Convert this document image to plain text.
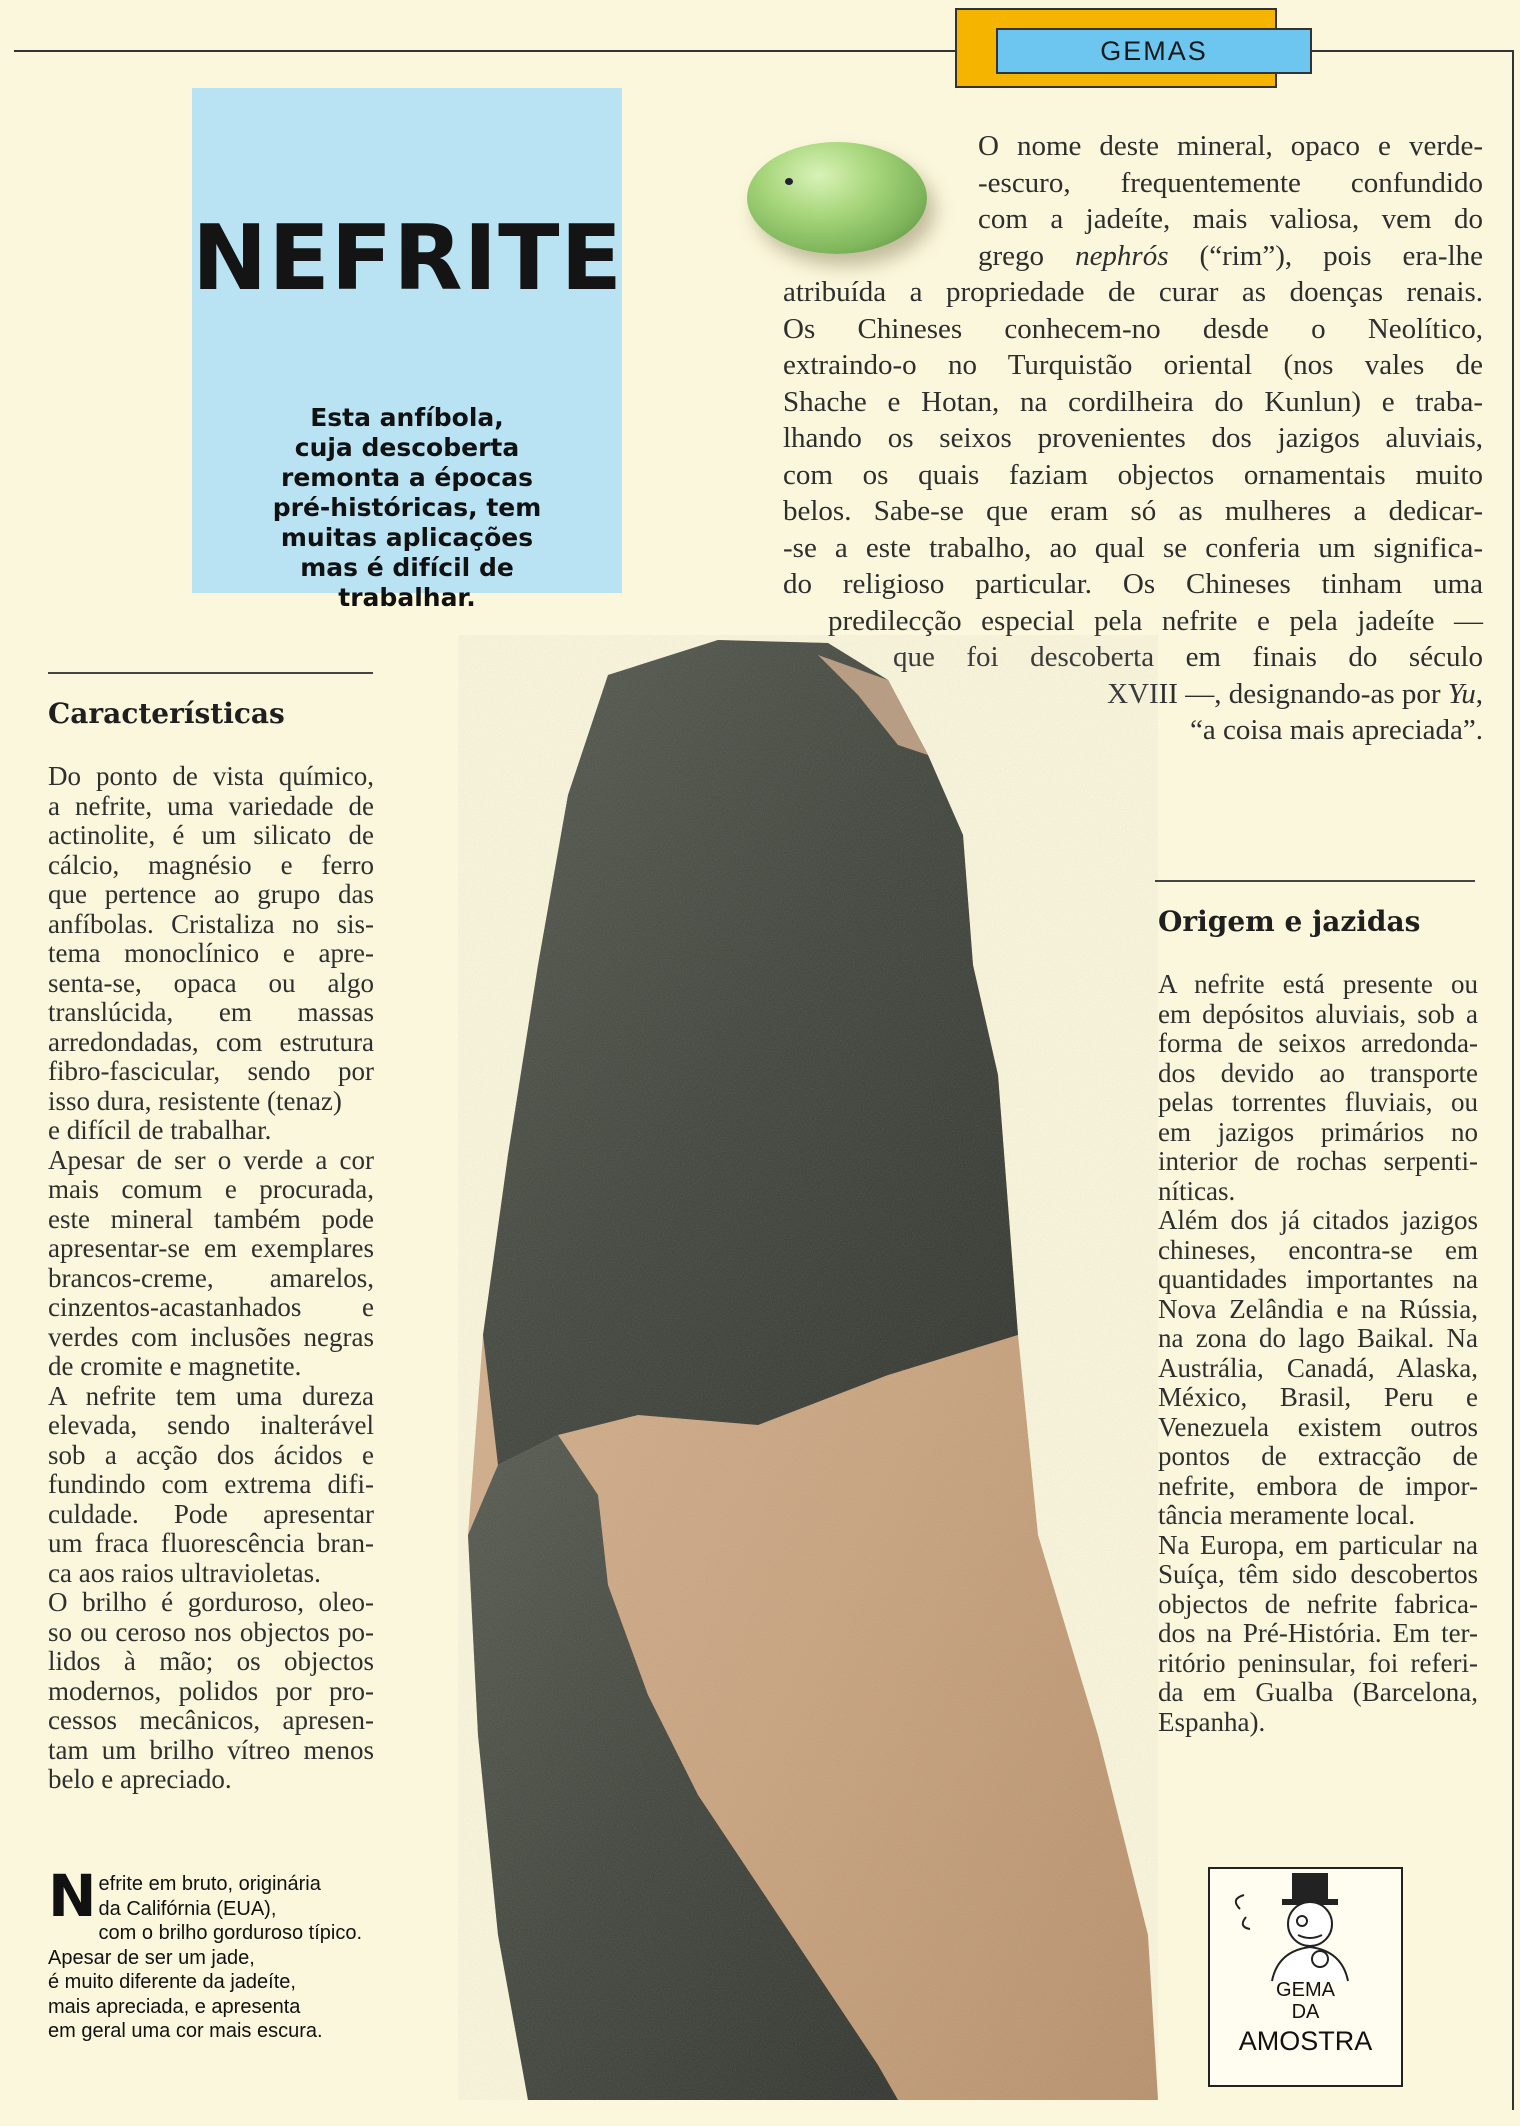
GEMAS
NEFRITE
Esta anfíbola,
cuja descoberta
remonta a épocas
pré-históricas, tem
muitas aplicações
mas é difícil de
trabalhar.
O nome deste mineral, opaco e verde-
-escuro, frequentemente confundido
com a jadeíte, mais valiosa, vem do
grego nephrós (“rim”), pois era-lhe
atribuída a propriedade de curar as doenças renais.
Os Chineses conhecem-no desde o Neolítico,
extraindo-o no Turquistão oriental (nos vales de
Shache e Hotan, na cordilheira do Kunlun) e traba-
lhando os seixos provenientes dos jazigos aluviais,
com os quais faziam objectos ornamentais muito
belos. Sabe-se que eram só as mulheres a dedicar-
-se a este trabalho, ao qual se conferia um significa-
do religioso particular. Os Chineses tinham uma
predilecção especial pela nefrite e pela jadeíte —
que foi descoberta em finais do século
XVIII —, designando-as por Yu,
“a coisa mais apreciada”.
Características
Do ponto de vista químico,
a nefrite, uma variedade de
actinolite, é um silicato de
cálcio, magnésio e ferro
que pertence ao grupo das
anfíbolas. Cristaliza no sis-
tema monoclínico e apre-
senta-se, opaca ou algo
translúcida, em massas
arredondadas, com estrutura
fibro-fascicular, sendo por
isso dura, resistente (tenaz)
e difícil de trabalhar.
Apesar de ser o verde a cor
mais comum e procurada,
este mineral também pode
apresentar-se em exemplares
brancos-creme, amarelos,
cinzentos-acastanhados e
verdes com inclusões negras
de cromite e magnetite.
A nefrite tem uma dureza
elevada, sendo inalterável
sob a acção dos ácidos e
fundindo com extrema difi-
culdade. Pode apresentar
um fraca fluorescência bran-
ca aos raios ultravioletas.
O brilho é gorduroso, oleo-
so ou ceroso nos objectos po-
lidos à mão; os objectos
modernos, polidos por pro-
cessos mecânicos, apresen-
tam um brilho vítreo menos
belo e apreciado.
Origem e jazidas
A nefrite está presente ou
em depósitos aluviais, sob a
forma de seixos arredonda-
dos devido ao transporte
pelas torrentes fluviais, ou
em jazigos primários no
interior de rochas serpenti-
níticas.
Além dos já citados jazigos
chineses, encontra-se em
quantidades importantes na
Nova Zelândia e na Rússia,
na zona do lago Baikal. Na
Austrália, Canadá, Alaska,
México, Brasil, Peru e
Venezuela existem outros
pontos de extracção de
nefrite, embora de impor-
tância meramente local.
Na Europa, em particular na
Suíça, têm sido descobertos
objectos de nefrite fabrica-
dos na Pré-História. Em ter-
ritório peninsular, foi referi-
da em Gualba (Barcelona,
Espanha).
N efrite em bruto, originária
da Califórnia (EUA),
com o brilho gorduroso típico.
Apesar de ser um jade,
é muito diferente da jadeíte,
mais apreciada, e apresenta
em geral uma cor mais escura.
GEMA
DA
AMOSTRA
